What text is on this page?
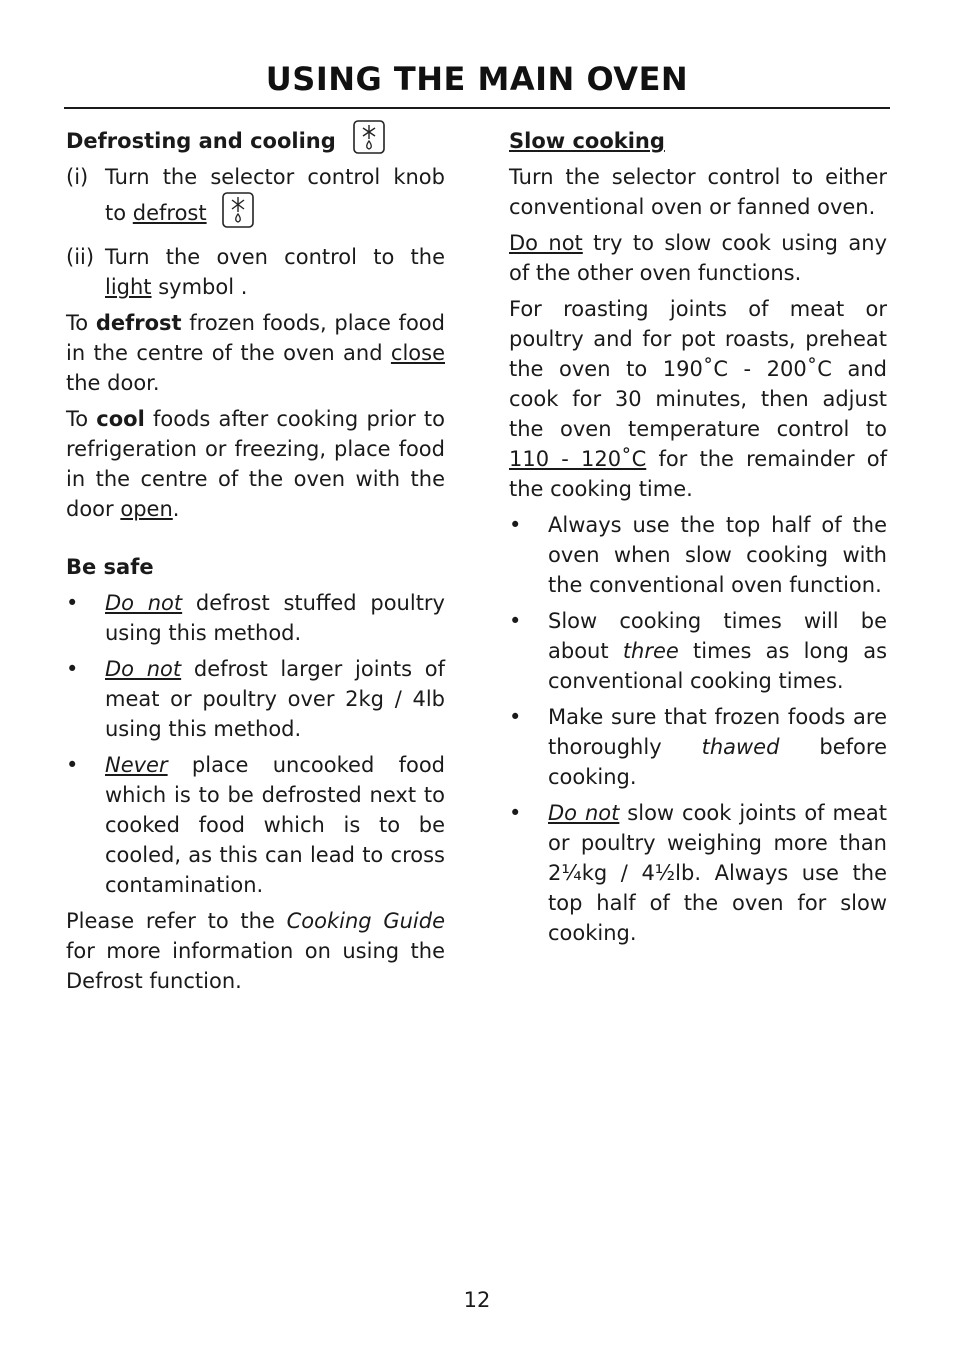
USING THE MAIN OVEN
Defrosting and cooling
(i) Turn the selector control knob to defrost
(ii) Turn the oven control to the light symbol .

To defrost frozen foods, place food in the centre of the oven and close the door.

To cool foods after cooking prior to refrigeration or freezing, place food in the centre of the oven with the door open.

Be safe
• Do not defrost stuffed poultry using this method.
• Do not defrost larger joints of meat or poultry over 2kg / 4lb using this method.
• Never place uncooked food which is to be defrosted next to cooked food which is to be cooled, as this can lead to cross contamination.

Please refer to the Cooking Guide for more information on using the Defrost function.

Slow cooking

Turn the selector control to either conventional oven or fanned oven.

Do not try to slow cook using any of the other oven functions.

For roasting joints of meat or poultry and for pot roasts, preheat the oven to 190˚C - 200˚C and cook for 30 minutes, then adjust the oven temperature control to 110 - 120˚C for the remainder of the cooking time.

• Always use the top half of the oven when slow cooking with the conventional oven function.
• Slow cooking times will be about three times as long as conventional cooking times.
• Make sure that frozen foods are thoroughly thawed before cooking.
• Do not slow cook joints of meat or poultry weighing more than 2¼kg / 4½lb. Always use the top half of the oven for slow cooking.
12
